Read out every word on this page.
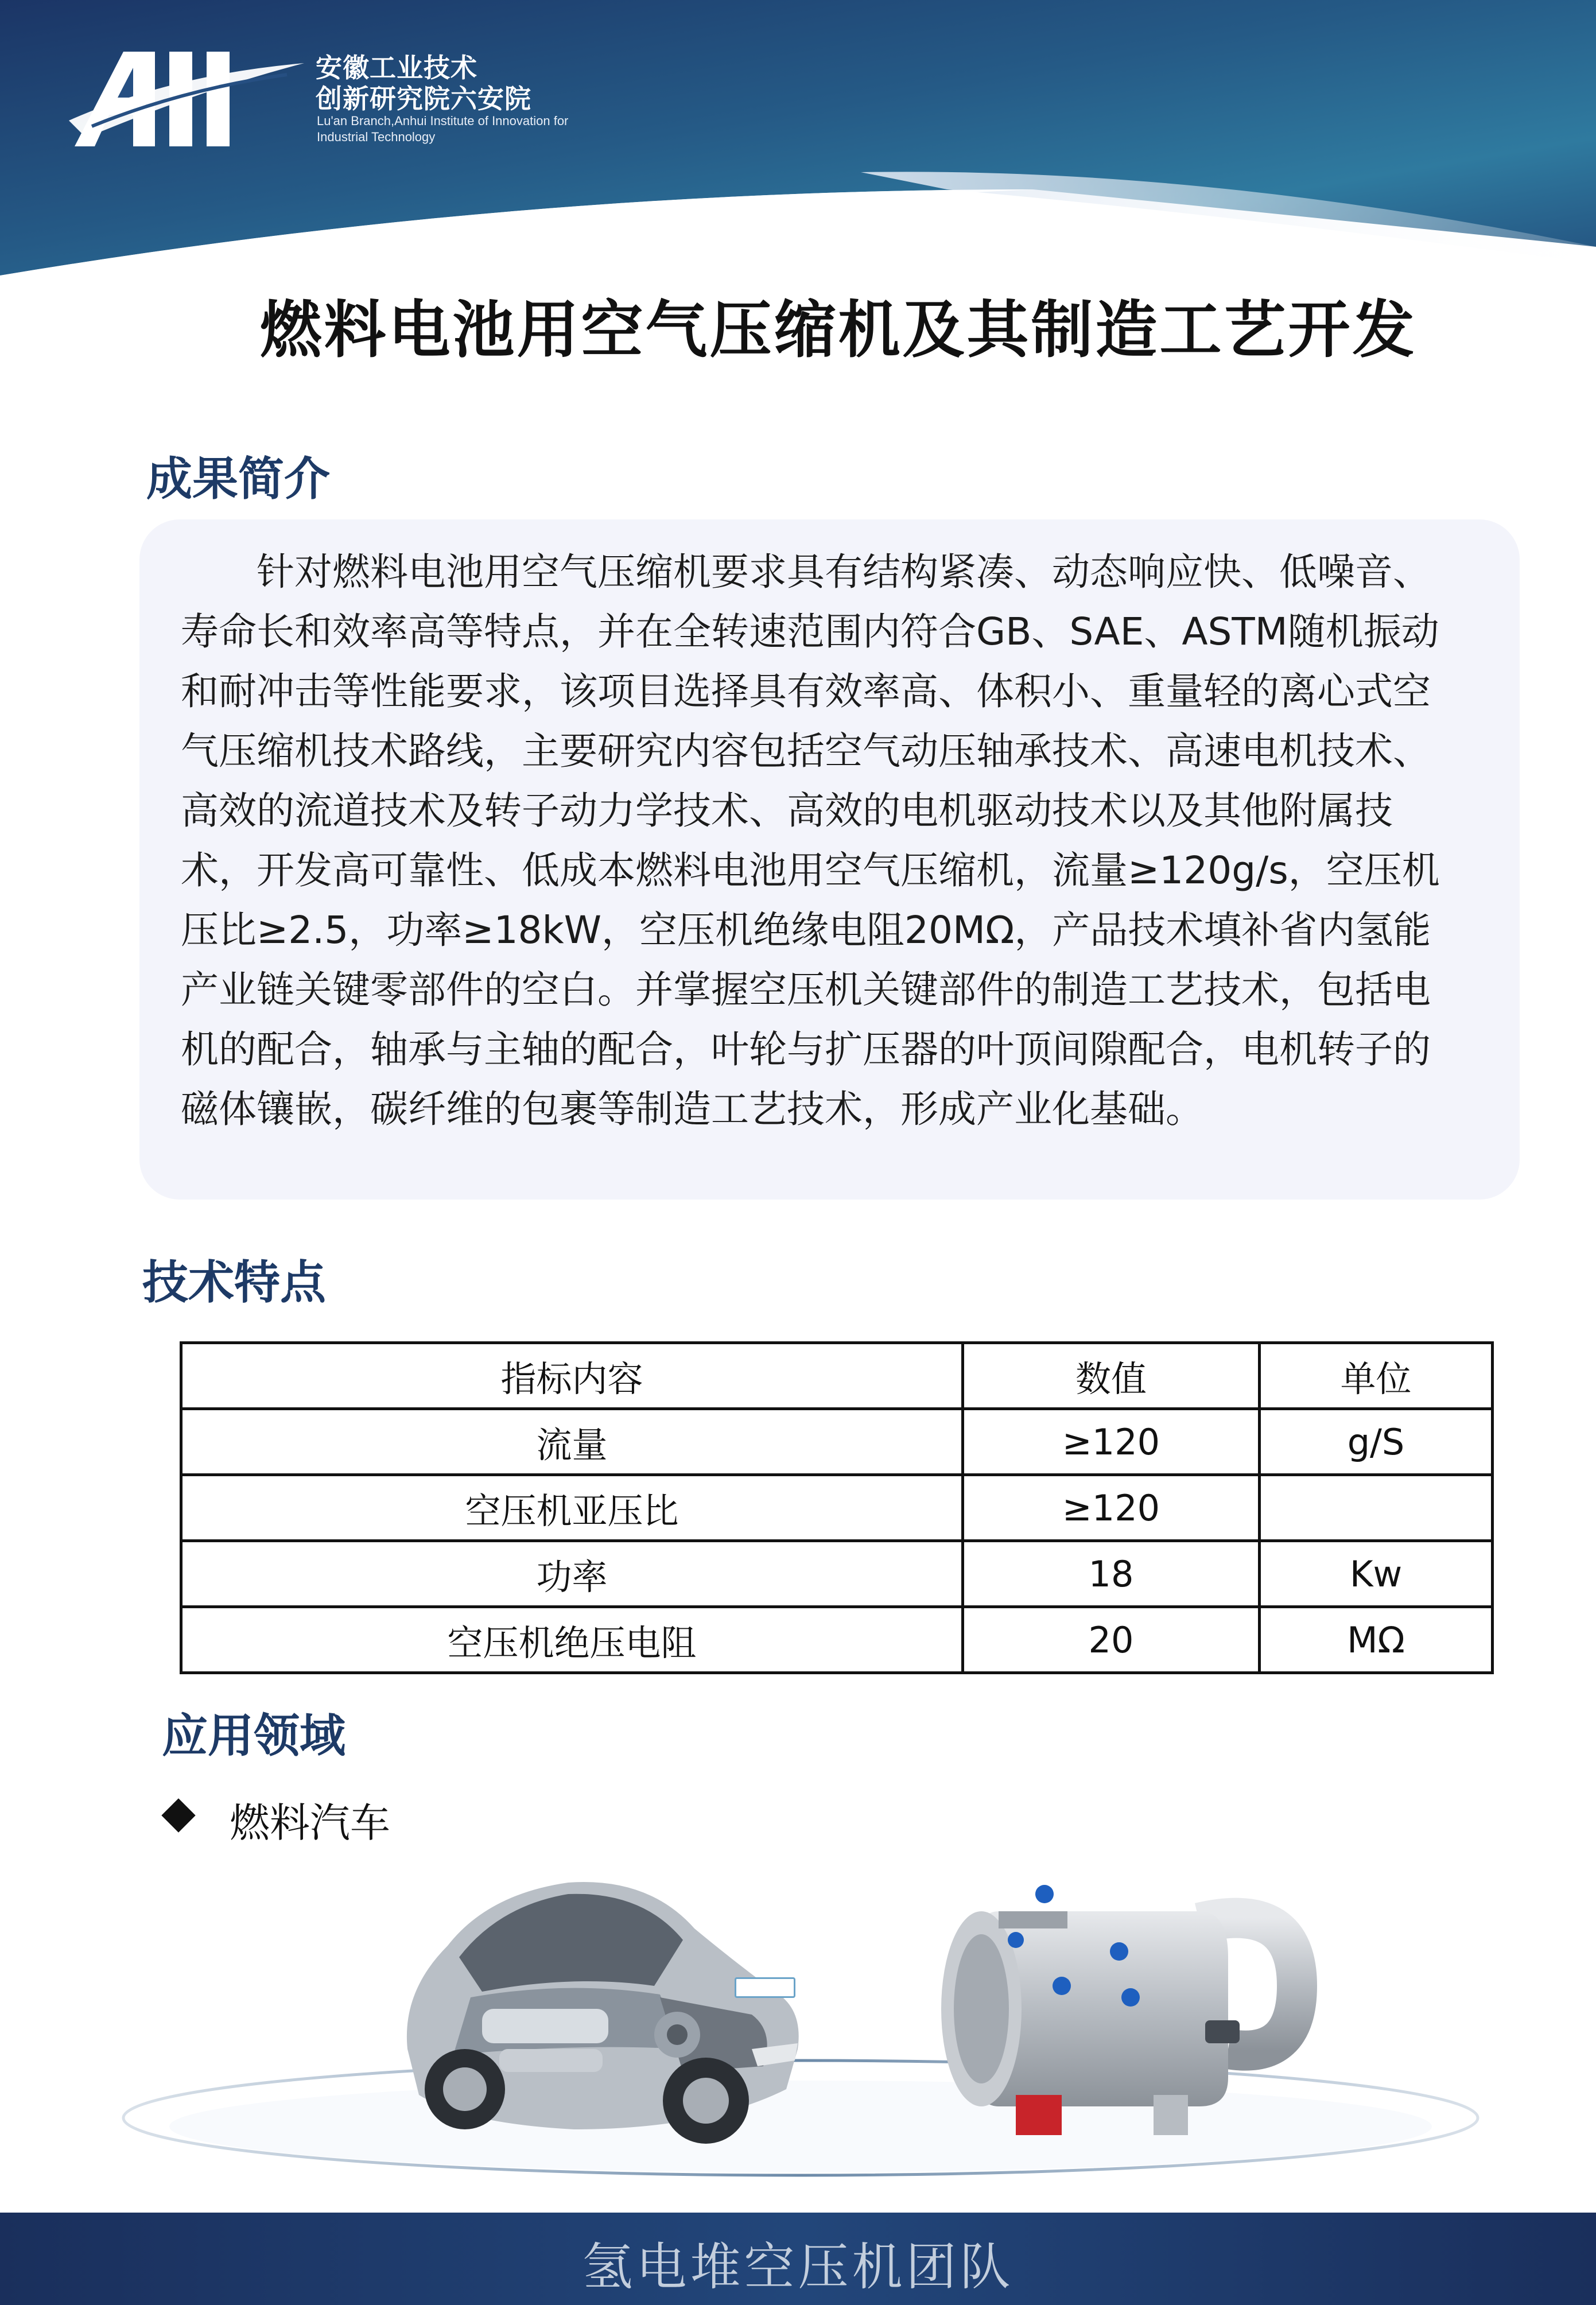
安徽工业技术
创新研究院六安院
Lu'an Branch,Anhui Institute of Innovation for
Industrial Technology
燃料电池用空气压缩机及其制造工艺开发
成果简介

针对燃料电池用空气压缩机要求具有结构紧凑、动态响应快、低噪音、寿命长和效率高等特点，并在全转速范围内符合GB、SAE、ASTM随机振动和耐冲击等性能要求，该项目选择具有效率高、体积小、重量轻的离心式空气压缩机技术路线，主要研究内容包括空气动压轴承技术、高速电机技术、高效的流道技术及转子动力学技术、高效的电机驱动技术以及其他附属技术，开发高可靠性、低成本燃料电池用空气压缩机，流量≥120g/s，空压机压比≥2.5，功率≥18kW，空压机绝缘电阻20MΩ，产品技术填补省内氢能产业链关键零部件的空白。并掌握空压机关键部件的制造工艺技术，包括电机的配合，轴承与主轴的配合，叶轮与扩压器的叶顶间隙配合，电机转子的磁体镶嵌，碳纤维的包裹等制造工艺技术，形成产业化基础。

技术特点
指标内容	数值	单位
流量	≥120	g/S
空压机亚压比	≥120	
功率	18	Kw
空压机绝压电阻	20	MΩ
应用领域
燃料汽车
氢电堆空压机团队
